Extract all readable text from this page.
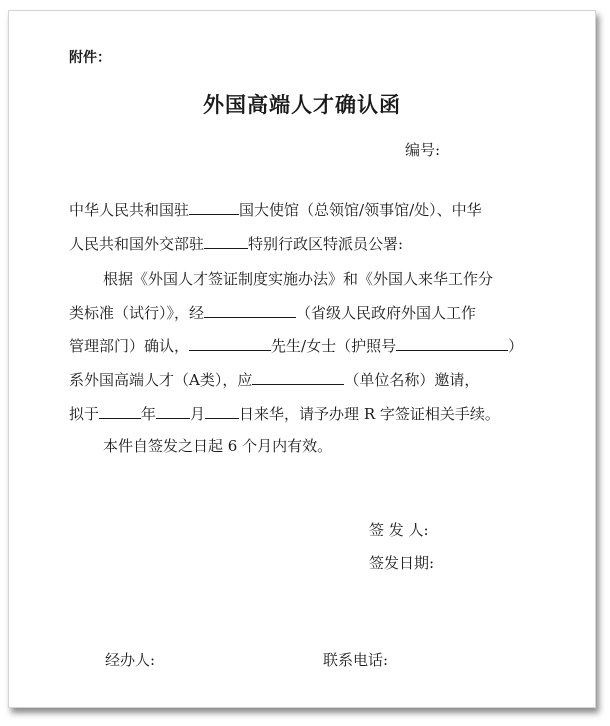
附件：
外国高端人才确认函
编号:
中华人民共和国驻	国大使馆（总领馆/领事馆/处）、中华
人民共和国外交部驻	特别行政区特派员公署:
根据《外国人才签证制度实施办法》和《外国人来华工作分
类标准（试行）》，经	（省级人民政府外国人工作
管理部门）确认，	先生/女士（护照号	）
系外国高端人才（A类），应	（单位名称）邀请，
拟于	年 月 日来华，请予办理 R 字签证相关手续。
本件自签发之日起 6 个月内有效。
签 发 人:
签发日期:
经办人:	联系电话:
